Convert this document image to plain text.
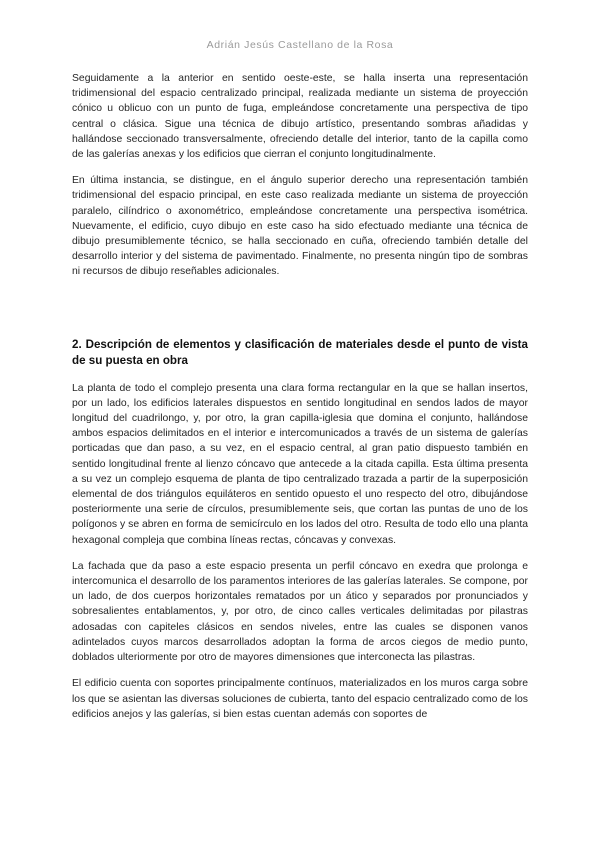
Adrián Jesús Castellano de la Rosa

Seguidamente a la anterior en sentido oeste-este, se halla inserta una representación tridimensional del espacio centralizado principal, realizada mediante un sistema de proyección cónico u oblicuo con un punto de fuga, empleándose concretamente una perspectiva de tipo central o clásica. Sigue una técnica de dibujo artístico, presentando sombras añadidas y hallándose seccionado transversalmente, ofreciendo detalle del interior, tanto de la capilla como de las galerías anexas y los edificios que cierran el conjunto longitudinalmente.

En última instancia, se distingue, en el ángulo superior derecho una representación también tridimensional del espacio principal, en este caso realizada mediante un sistema de proyección paralelo, cilíndrico o axonométrico, empleándose concretamente una perspectiva isométrica. Nuevamente, el edificio, cuyo dibujo en este caso ha sido efectuado mediante una técnica de dibujo presumiblemente técnico, se halla seccionado en cuña, ofreciendo también detalle del desarrollo interior y del sistema de pavimentado. Finalmente, no presenta ningún tipo de sombras ni recursos de dibujo reseñables adicionales.

2. Descripción de elementos y clasificación de materiales desde el punto de vista de su puesta en obra

La planta de todo el complejo presenta una clara forma rectangular en la que se hallan insertos, por un lado, los edificios laterales dispuestos en sentido longitudinal en sendos lados de mayor longitud del cuadrilongo, y, por otro, la gran capilla-iglesia que domina el conjunto, hallándose ambos espacios delimitados en el interior e intercomunicados a través de un sistema de galerías porticadas que dan paso, a su vez, en el espacio central, al gran patio dispuesto también en sentido longitudinal frente al lienzo cóncavo que antecede a la citada capilla. Esta última presenta a su vez un complejo esquema de planta de tipo centralizado trazada a partir de la superposición elemental de dos triángulos equiláteros en sentido opuesto el uno respecto del otro, dibujándose posteriormente una serie de círculos, presumiblemente seis, que cortan las puntas de uno de los polígonos y se abren en forma de semicírculo en los lados del otro. Resulta de todo ello una planta hexagonal compleja que combina líneas rectas, cóncavas y convexas.

La fachada que da paso a este espacio presenta un perfil cóncavo en exedra que prolonga e intercomunica el desarrollo de los paramentos interiores de las galerías laterales. Se compone, por un lado, de dos cuerpos horizontales rematados por un ático y separados por pronunciados y sobresalientes entablamentos, y, por otro, de cinco calles verticales delimitadas por pilastras adosadas con capiteles clásicos en sendos niveles, entre las cuales se disponen vanos adintelados cuyos marcos desarrollados adoptan la forma de arcos ciegos de medio punto, doblados ulteriormente por otro de mayores dimensiones que interconecta las pilastras.

El edificio cuenta con soportes principalmente contínuos, materializados en los muros carga sobre los que se asientan las diversas soluciones de cubierta, tanto del espacio centralizado como de los edificios anejos y las galerías, si bien estas cuentan además con soportes de
